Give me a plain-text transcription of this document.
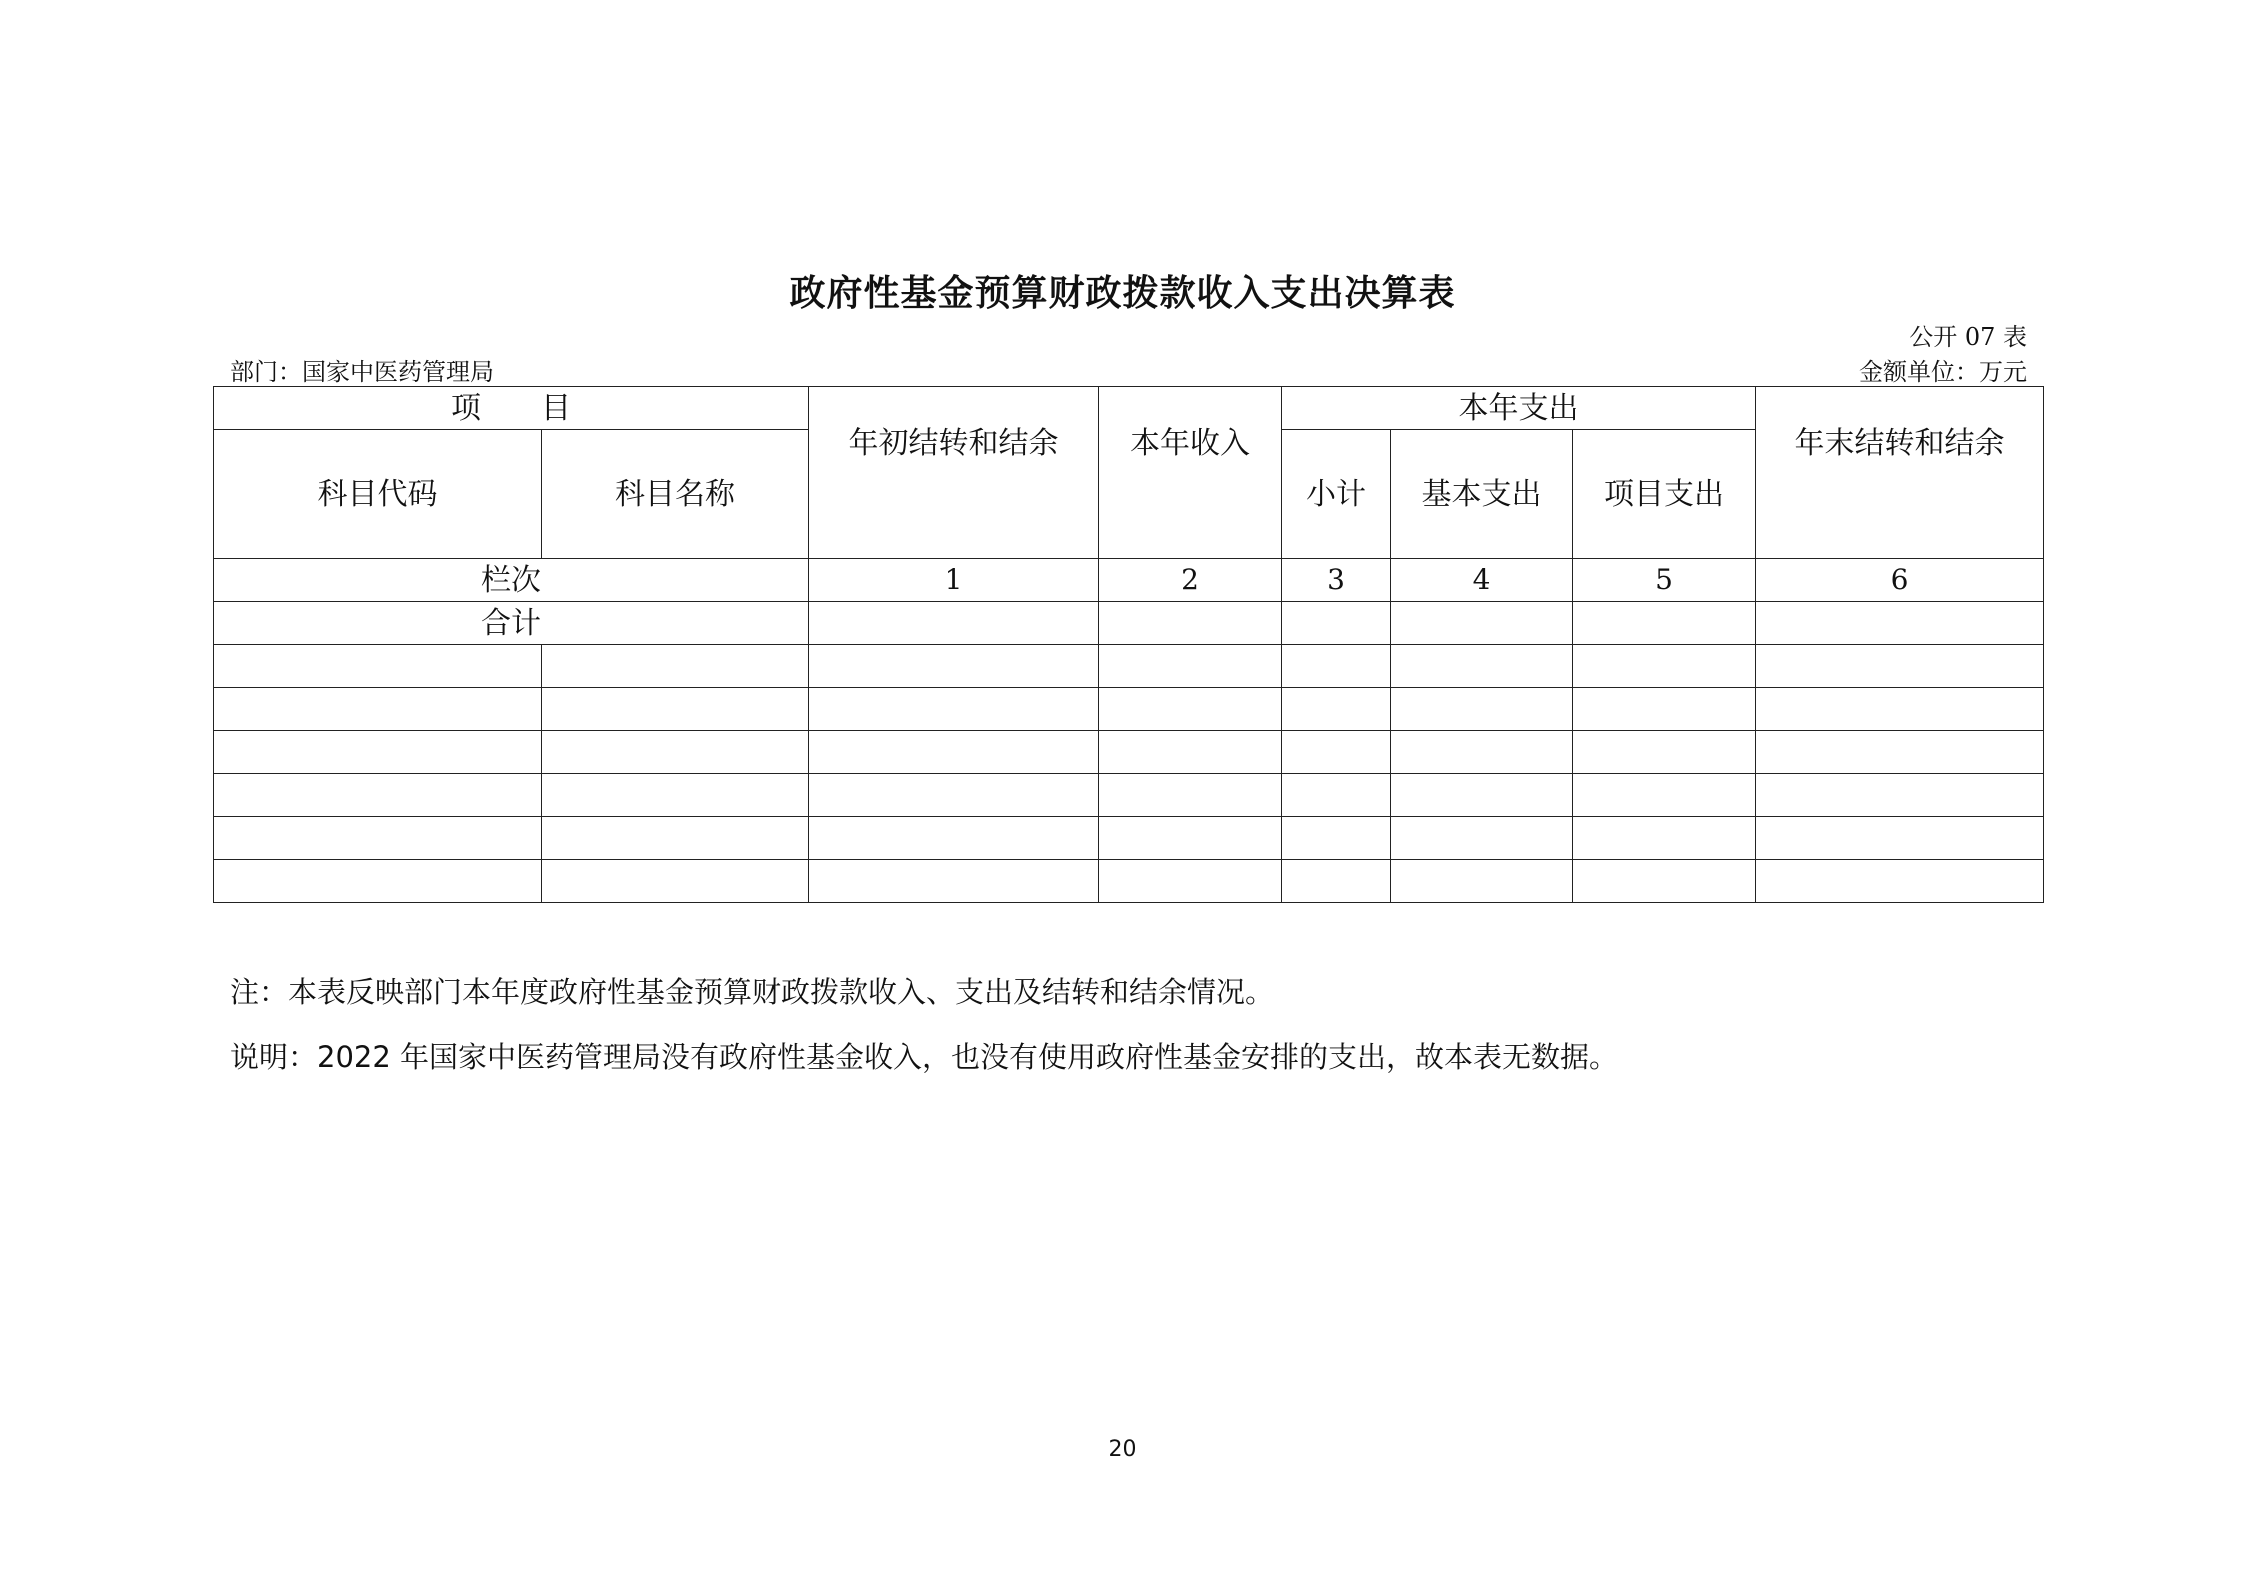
政府性基金预算财政拨款收入支出决算表
公开 07 表
部门：国家中医药管理局	金额单位：万元
项　　目		年初结转和结余	本年收入	本年支出			年末结转和结余
科目代码	科目名称			小计	基本支出	项目支出	
栏次		1	2	3	4	5	6
合计							

注：本表反映部门本年度政府性基金预算财政拨款收入、支出及结转和结余情况。
说明：2022 年国家中医药管理局没有政府性基金收入，也没有使用政府性基金安排的支出，故本表无数据。
20
